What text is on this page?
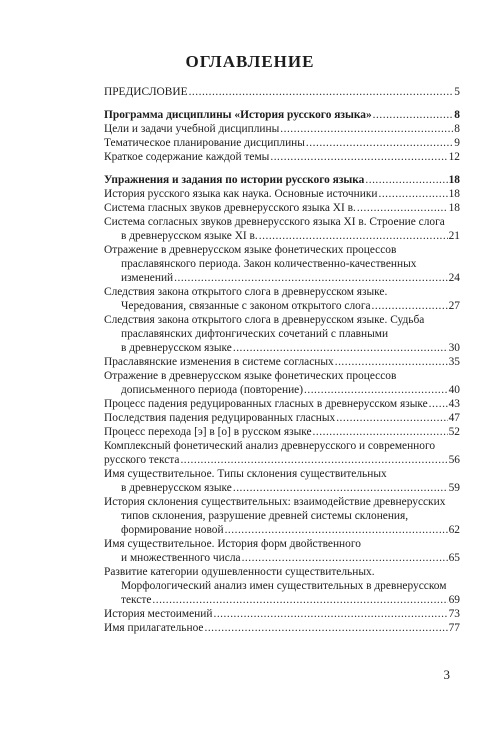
ОГЛАВЛЕНИЕ
ПРЕДИСЛОВИЕ .....	5
Программа дисциплины «История русского языка» .....	8
Цели и задачи учебной дисциплины .....	8
Тематическое планирование дисциплины .....	9
Краткое содержание каждой темы .....	12
Упражнения и задания по истории русского языка .....	18
История русского языка как наука. Основные источники .....	18
Система гласных звуков древнерусского языка XI в. .....	18
Система согласных звуков древнерусского языка XI в. Строение слога
в древнерусском языке XI в. .....	21
Отражение в древнерусском языке фонетических процессов
праславянского периода. Закон количественно-качественных
изменений .....	24
Следствия закона открытого слога в древнерусском языке.
Чередования, связанные с законом открытого слога .....	27
Следствия закона открытого слога в древнерусском языке. Судьба
праславянских дифтонгических сочетаний с плавными
в древнерусском языке .....	30
Праславянские изменения в системе согласных .....	35
Отражение в древнерусском языке фонетических процессов
дописьменного периода (повторение) .....	40
Процесс падения редуцированных гласных в древнерусском языке ..... 43
Последствия падения редуцированных гласных .....	47
Процесс перехода [э] в [о] в русском языке .....	52
Комплексный фонетический анализ древнерусского и современного
русского текста .....	56
Имя существительное. Типы склонения существительных
в древнерусском языке .....	59
История склонения существительных: взаимодействие древнерусских
типов склонения, разрушение древней системы склонения,
формирование новой .....	62
Имя существительное. История форм двойственного
и множественного числа .....	65
Развитие категории одушевленности существительных.
Морфологический анализ имен существительных в древнерусском
тексте .....	69
История местоимений .....	73
Имя прилагательное .....	77
3
